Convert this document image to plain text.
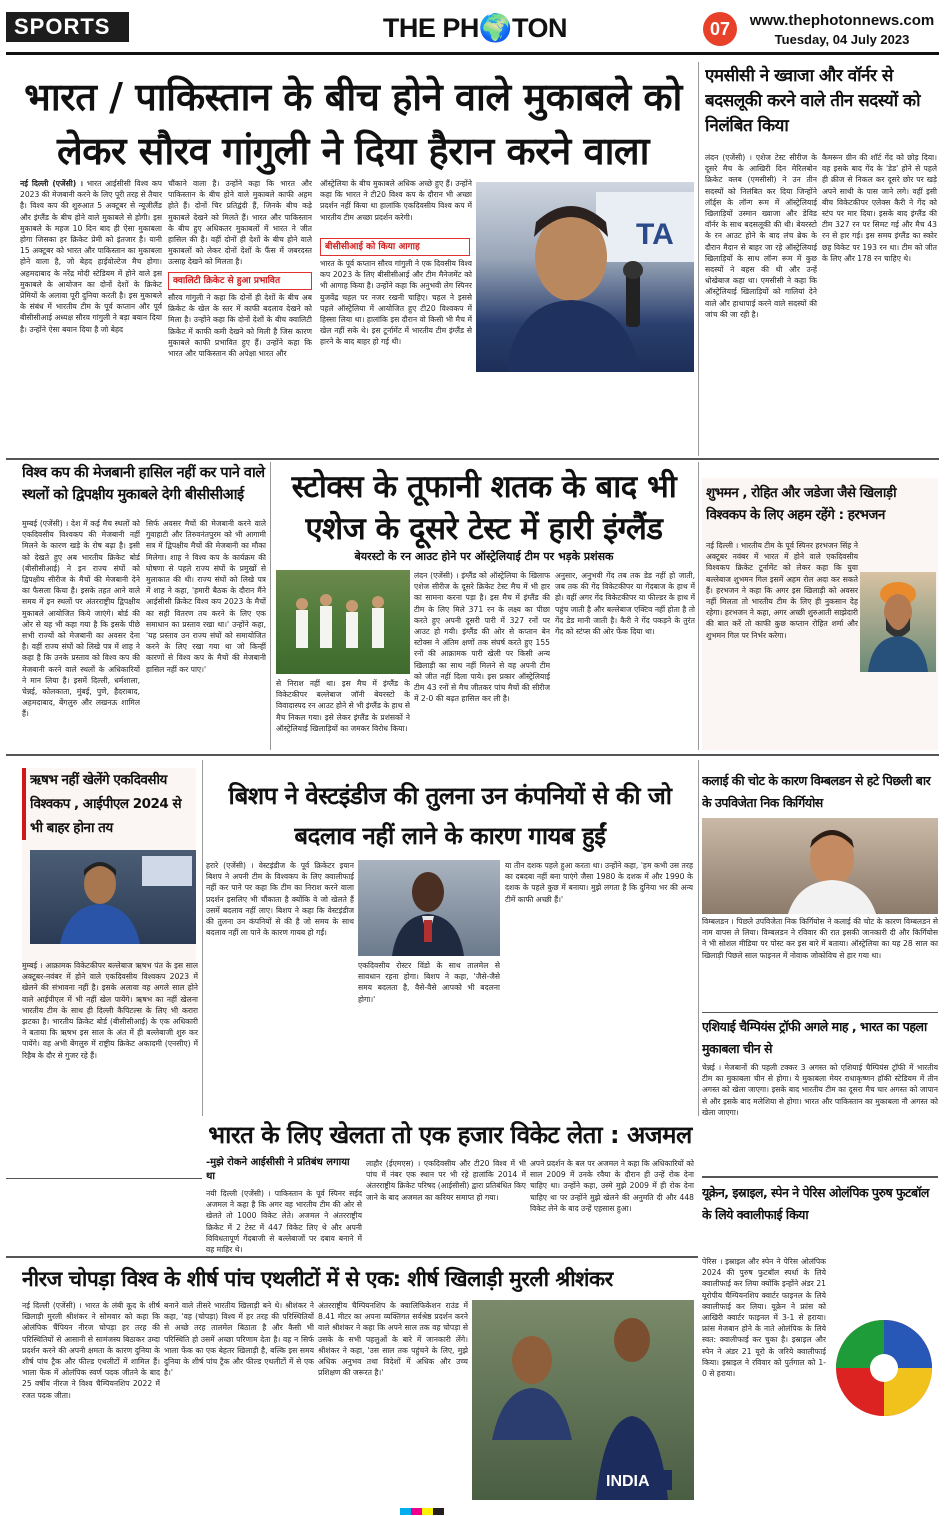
SPORTS	THE PH🌍TON	07	www.thephotonnews.com
Tuesday, 04 July 2023
भारत / पाकिस्तान के बीच होने वाले मुकाबले को लेकर सौरव गांगुली ने दिया हैरान करने वाला
नई दिल्ली (एजेंसी) । भारत आईसीसी विश्व कप 2023 की मेजबानी करने के लिए पूरी तरह से तैयार है। विश्व कप की शुरुआत 5 अक्टूबर से न्यूजीलैंड और इंग्लैंड के बीच होने वाले मुकाबले से होगी। इस मुकाबले के महज 10 दिन बाद ही ऐसा मुकाबला होगा जिसका हर क्रिकेट प्रेमी को इंतजार है। यानी 15 अक्टूबर को भारत और पाकिस्तान का मुकाबला होने वाला है, जो बेहद हाईवोल्टेज मैच होगा। अहमदाबाद के नरेंद्र मोदी स्टेडियम में होने वाले इस मुकाबले के आयोजन का दोनों देशों के क्रिकेट प्रेमियों के अलावा पूरी दुनिया करती है। इस मुकाबले के संबंध में भारतीय टीम के पूर्व कप्तान और पूर्व बीसीसीआई अध्यक्ष सौरव गांगुली ने बड़ा बयान दिया है। उन्होंने ऐसा बयान दिया है जो बेहद
चौंकाने वाला है। उन्होंने कहा कि भारत और पाकिस्तान के बीच होने वाले मुकाबले काफी अहम होते हैं। दोनों चिर प्रतिद्वंदी हैं, जिनके बीच कड़े मुकाबले देखने को मिलते हैं। भारत और पाकिस्तान के बीच हुए अधिकतर मुकाबलों में भारत ने जीत हासिल की है। वहीं दोनों ही देशों के बीच होने वाले मुकाबलों को लेकर दोनों देशों के फैंस में जबरदस्त उत्साह देखने को मिलता है।
क्वालिटी क्रिकेट से हुआ प्रभावित
सौरव गांगुली ने कहा कि दोनों ही देशों के बीच अब क्रिकेट के खेल के स्तर में काफी बदलाव देखने को मिला है। उन्होंने कहा कि दोनों देशों के बीच क्वालिटी क्रिकेट में काफी कमी देखने को मिली है जिस कारण मुकाबले काफी प्रभावित हुए हैं। उन्होंने कहा कि भारत और पाकिस्तान की अपेक्षा भारत और
ऑस्ट्रेलिया के बीच मुकाबले अधिक अच्छे हुए हैं। उन्होंने कहा कि भारत ने टी20 विश्व कप के दौरान भी अच्छा प्रदर्शन नहीं किया था हालांकि एकदिवसीय विश्व कप में भारतीय टीम अच्छा प्रदर्शन करेगी।
बीसीसीआई को किया आगाह
भारत के पूर्व कप्तान सौरव गांगुली ने एक दिवसीय विश्व कप 2023 के लिए बीसीसीआई और टीम मैनेजमेंट को भी आगाह किया है। उन्होंने कहा कि अनुभवी लेग स्पिनर युजवेंद्र चहल पर नजर रखनी चाहिए। चहल ने इससे पहले ऑस्ट्रेलिया में आयोजित हुए टी20 विश्वकप में हिस्सा लिया था। हालांकि इस दौरान वो किसी भी मैच में खेल नहीं सके थे। इस टूर्नामेंट में भारतीय टीम इंग्लैंड से हारने के बाद बाहर हो गई थी।
TA
एमसीसी ने ख्वाजा और वॉर्नर से बदसलूकी करने वाले तीन सदस्यों को निलंबित किया
लंदन (एजेंसी) । एशेज टेस्ट सीरीज के दूसरे मैच के आखिरी दिन मेरिलबोन क्रिकेट क्लब (एमसीसी) ने उन तीन सदस्यों को निलंबित कर दिया जिन्होंने लॉर्ड्स के लॉन्ग रूम में ऑस्ट्रेलियाई खिलाड़ियों उस्मान ख्वाजा और डेविड वॉर्नर के साथ बदसलूकी की थी। बेयरस्टो के रन आउट होने के बाद लंच ब्रेक के दौरान मैदान से बाहर जा रहे ऑस्ट्रेलियाई खिलाड़ियों के साथ लॉन्ग रूम में कुछ सदस्यों ने बहस की थी और उन्हें धोखेबाज कहा था। एमसीसी ने कहा कि ऑस्ट्रेलियाई खिलाड़ियों को गालियां देने वाले और हाथापाई करने वाले सदस्यों की जांच की जा रही है।
कैमरून ग्रीन की शॉर्ट गेंद को छोड़ दिया। वह इसके बाद गेंद के 'डेड' होने से पहले ही क्रीज से निकल कर दूसरे छोर पर खड़े अपने साथी के पास जाने लगे। वहीं इसी बीच विकेटकीपर एलेक्स कैरी ने गेंद को स्टंप पर मार दिया। इसके बाद इंग्लैंड की टीम 327 रन पर सिमट गई और मैच 43 रन से हार गई। इस समय इंग्लैंड का स्कोर छह विकेट पर 193 रन था। टीम को जीत के लिए और 178 रन चाहिए थे।
विश्व कप की मेजबानी हासिल नहीं कर पाने वाले स्थलों को द्विपक्षीय मुकाबले देगी बीसीसीआई
मुम्बई (एजेंसी) । देश में कई मैच स्थलों को एकदिवसीय विश्वकप की मेजबानी नहीं मिलने के कारण खड़े के रोष बढ़ा है। इसी को देखते हुए अब भारतीय क्रिकेट बोर्ड (बीसीसीआई) ने इन राज्य संघों को द्विपक्षीय सीरीज के मैचों की मेजबानी देने का फैसला किया है। इसके तहत आने वाले समय में इन स्थलों पर अंतरराष्ट्रीय द्विपक्षीय मुकाबले आयोजित किये जाएंगे। बोर्ड की ओर से यह भी कहा गया है कि इसके पीछे सभी राज्यों को मेजबानी का अवसर देना है। वहीं राज्य संघों को लिखे पत्र में शाह ने कहा है कि उनके प्रस्ताव को विश्व कप की मेजबानी करने वाले स्थलों के अधिकारियों ने मान लिया है। इसमें दिल्ली, धर्मशाला, चेन्नई, कोलकाता, मुंबई, पुणे, हैदराबाद, अहमदाबाद, बेंगलुरु और लखनऊ शामिल हैं।
सिर्फ अवसर मैचों की मेजबानी करने वाले गुवाहाटी और तिरुवनंतपुरम को भी आगामी सत्र में द्विपक्षीय मैचों की मेजबानी का मौका मिलेगा। शाह ने विश्व कप के कार्यक्रम की घोषणा से पहले राज्य संघों के प्रमुखों से मुलाकात की थी। राज्य संघों को लिखे पत्र में शाह ने कहा, 'हमारी बैठक के दौरान मैंने आईसीसी क्रिकेट विश्व कप 2023 के मैचों का सही वितरण तय करने के लिए एक समाधान का प्रस्ताव रखा था।' उन्होंने कहा, 'यह प्रस्ताव उन राज्य संघों को समायोजित करने के लिए रखा गया था जो किन्हीं कारणों से विश्व कप के मैचों की मेजबानी हासिल नहीं कर पाए।'
स्टोक्स के तूफानी शतक के बाद भी एशेज के दूसरे टेस्ट में हारी इंग्लैंड
बेयरस्टो के रन आउट होने पर ऑस्ट्रेलियाई टीम पर भड़के प्रशंसक
लंदन (एजेंसी) । इंग्लैंड को ऑस्ट्रेलिया के खिलाफ एशेज सीरीज के दूसरे क्रिकेट टेस्ट मैच में भी हार का सामना करना पड़ा है। इस मैच में इंग्लैंड की टीम के लिए मिले 371 रन के लक्ष्य का पीछा करते हुए अपनी दूसरी पारी में 327 रनों पर आउट हो गयी। इंग्लैंड की ओर से कप्तान बेन स्टोक्स ने अंतिम क्षणों तक संघर्ष करते हुए 155 रनों की आक्रामक पारी खेली पर किसी अन्य खिलाड़ी का साथ नहीं मिलने से वह अपनी टीम को जीत नहीं दिला पाये। इस प्रकार ऑस्ट्रेलियाई टीम 43 रनों से मैच जीतकर पांच मैचों की सीरीज में 2-0 की बढ़त हासिल कर ली है।
से निराश नहीं था। इस मैच में इंग्लैंड के विकेटकीपर बल्लेबाज जॉनी बेयरस्टो के विवादास्पद रन आउट होने से भी इंग्लैंड के हाथ से मैच निकल गया। इसे लेकर इंग्लैंड के प्रशंसकों ने ऑस्ट्रेलियाई खिलाड़ियों का जमकर विरोध किया।
अनुसार, अनुभवी गेंद तब तक डेड नहीं हो जाती, जब तक की गेंद विकेटकीपर या गेंदबाज के हाथ में हो। वहीं अगर गेंद विकेटकीपर या फील्डर के हाथ में पहुंच जाती है और बल्लेबाज एक्टिव नहीं होता है तो गेंद डेड मानी जाती है। कैरी ने गेंद पकड़ने के तुरंत गेंद को स्टंप्स की ओर फेंक दिया था।
शुभमन , रोहित और जडेजा जैसे खिलाड़ी विश्वकप के लिए अहम रहेंगे : हरभजन
नई दिल्ली । भारतीय टीम के पूर्व स्पिनर हरभजन सिंह ने अक्टूबर नवंबर में भारत में होने वाले एकदिवसीय विश्वकप क्रिकेट टूर्नामेंट को लेकर कहा कि युवा बल्लेबाज शुभमन गिल इसमें अहम रोल अदा कर सकते हैं। हरभजन ने कहा कि अगर इस खिलाड़ी को अवसर नहीं मिलता तो भारतीय टीम के लिए ही नुकसान देह रहेगा। हरभजन ने कहा, अगर अच्छी शुरुआती साझेदारी की बात करें तो काफी कुछ कप्तान रोहित शर्मा और शुभमन गिल पर निर्भर करेगा।
ऋषभ नहीं खेलेंगे एकदिवसीय विश्वकप , आईपीएल 2024 से भी बाहर होना तय
मुम्बई । आक्रामक विकेटकीपर बल्लेबाज ऋषभ पंत के इस साल अक्टूबर-नवंबर में होने वाले एकदिवसीय विश्वकप 2023 में खेलने की संभावना नहीं है। इसके अलावा वह अगले साल होने वाले आईपीएल में भी नहीं खेल पायेंगे। ऋषभ का नहीं खेलना भारतीय टीम के साथ ही दिल्ली कैपिटल्स के लिए भी करारा झटका है। भारतीय क्रिकेट बोर्ड (बीसीसीआई) के एक अधिकारी ने बताया कि ऋषभ इस साल के अंत में ही बल्लेबाजी शुरु कर पायेंगे। वह अभी बेंगलुरु में राष्ट्रीय क्रिकेट अकादमी (एनसीए) में रिहैब के दौर से गुजर रहे हैं।
बिशप ने वेस्टइंडीज की तुलना उन कंपनियों से की जो बदलाव नहीं लाने के कारण गायब हुईं
हरारे (एजेंसी) । वेस्टइंडीज के पूर्व क्रिकेटर इयान बिशप ने अपनी टीम के विश्वकप के लिए क्वालीफाई नहीं कर पाने पर कहा कि टीम का निराश करने वाला प्रदर्शन इसलिए भी चौंकाता है क्योंकि वे जो खेलते हैं उसमें बदलाव नहीं लाए। बिशप ने कहा कि वेस्टइंडीज की तुलना उन कंपनियों से की है जो समय के साथ बदलाव नहीं ला पाने के कारण गायब हो गईं।
एकदिवसीय रोस्टर विंडो के साथ तालमेल से सावधान रहना होगा। बिशप ने कहा, 'जैसे-जैसे समय बदलता है, वैसे-वैसे आपको भी बदलना होगा।'
या तीन दशक पहले हुआ करता था। उन्होंने कहा, 'हम कभी उस तरह का दबदबा नहीं बना पाएंगे जैसा 1980 के दशक में और 1990 के दशक के पहले कुछ में बनाया। मुझे लगता है कि दुनिया भर की अन्य टीमें काफी अच्छी हैं।'
कलाई की चोट के कारण विम्बलडन से हटे पिछली बार के उपविजेता निक किर्गियोस
विम्बलडन । पिछले उपविजेता निक किर्गियोस ने कलाई की चोट के कारण विम्बलडन से नाम वापस ले लिया। विम्बलडन ने रविवार की रात इसकी जानकारी दी और किर्गियोस ने भी सोशल मीडिया पर पोस्ट कर इस बारे में बताया। ऑस्ट्रेलिया का यह 28 साल का खिलाड़ी पिछले साल फाइनल में नोवाक जोकोविच से हार गया था।
एशियाई चैम्पियंस ट्रॉफी अगले माह , भारत का पहला मुकाबला चीन से
चेन्नई । मेजबानों की पहली टक्कर 3 अगस्त को एशियाई चैम्पियंस ट्रॉफी में भारतीय टीम का मुकाबला चीन से होगा। ये मुकाबला मेयर राधाकृष्णन हॉकी स्टेडियम में तीन अगस्त को खेला जाएगा। इसके बाद भारतीय टीम का दूसरा मैच चार अगस्त को जापान से और इसके बाद मलेशिया से होगा। भारत और पाकिस्तान का मुकाबला नौ अगस्त को खेला जाएगा।
भारत के लिए खेलता तो एक हजार विकेट लेता : अजमल
-मुझे रोकने आईसीसी ने प्रतिबंध लगाया था
नयी दिल्ली (एजेंसी) । पाकिस्तान के पूर्व स्पिनर सईद अजमल ने कहा है कि अगर वह भारतीय टीम की ओर से खेलते तो 1000 विकेट लेते। अजमल ने अंतरराष्ट्रीय क्रिकेट में 2 टेस्ट में 447 विकेट लिए थे और अपनी विविधतापूर्ण गेंदबाजी से बल्लेबाजों पर दबाव बनाने में वह माहिर थे।
लाहौर (ईएमएस) । एकदिवसीय और टी20 विश्व में भी पांच में नंबर एक स्थान पर भी रहे हालांकि 2014 में अंतरराष्ट्रीय क्रिकेट परिषद (आईसीसी) द्वारा प्रतिबंधित किए जाने के बाद अजमल का करियर समाप्त हो गया।
अपने प्रदर्शन के बल पर अजमल ने कहा कि अधिकारियों को साल 2009 में उनके रवैया के दौरान ही उन्हें रोक देना चाहिए था। उन्होंने कहा, उस्मे मुझे 2009 में ही रोक देना चाहिए था पर उन्होंने मुझे खेलने की अनुमति दी और 448 विकेट लेने के बाद उन्हें एहसास हुआ।
नीरज चोपड़ा विश्व के शीर्ष पांच एथलीटों में से एक: शीर्ष खिलाड़ी मुरली श्रीशंकर
नई दिल्ली (एजेंसी) । भारत के लंबी कूद के शीर्ष खिलाड़ी मुरली श्रीशंकर ने सोमवार को कहा कि ओलंपिक चैंपियन नीरज चोपड़ा हर तरह की परिस्थितियों से आसानी से सामंजस्य बिठाकर उम्दा प्रदर्शन करने की अपनी क्षमता के कारण दुनिया के शीर्ष पांच ट्रैक और फील्ड एथलीटों में शामिल हैं। भाला फेंक में ओलंपिक स्वर्ण पदक जीतने के बाद 25 वर्षीय नीरज ने विश्व चैम्पियनशिप 2022 में रजत पदक जीता।
बनाने वाले तीसरे भारतीय खिलाड़ी बने थे। श्रीशंकर ने कहा, 'वह (चोपड़ा) विश्व में हर तरह की परिस्थितियों से अच्छे तरह तालमेल बिठाता है और कैसी भी परिस्थिति हो उसमें अच्छा परिणाम देता है। वह न सिर्फ भाला फेंक का एक बेहतर खिलाड़ी है, बल्कि इस समय दुनिया के शीर्ष पांच ट्रैक और फील्ड एथलीटों में से एक है।'
अंतरराष्ट्रीय चैम्पियनशिप के क्वालिफिकेशन राउंड में 8.41 मीटर का अपना व्यक्तिगत सर्वश्रेष्ठ प्रदर्शन करने वाले श्रीशंकर ने कहा कि अपने साल तक वह चोपड़ा से उसके के सभी पहलुओं के बारे में जानकारी लेंगे। श्रीशंकर ने कहा, 'उस साल तक पहुंचने के लिए, मुझे अधिक अनुभव तथा विदेशों में अधिक और उच्च प्रशिक्षण की जरूरत है।'
INDIA
यूक्रेन, इस्राइल, स्पेन ने पेरिस ओलंपिक पुरुष फुटबॉल के लिये क्वालीफाई किया
पेरिस । इस्राइल और स्पेन ने पेरिस ओलंपिक 2024 की पुरुष फुटबॉल स्पर्धा के लिये क्वालीफाई कर लिया क्योंकि इन्होंने अंडर 21 यूरोपीय चैम्पियनशिप क्वार्टर फाइनल के लिये क्वालीफाई कर लिया। यूक्रेन ने फ्रांस को आखिरी क्वार्टर फाइनल में 3-1 से हराया। फ्रांस मेजबान होने के नाते ओलंपिक के लिये स्वत: क्वालीफाई कर चुका है। इस्राइल और स्पेन ने अंडर 21 यूरो के जरिये क्वालीफाई किया। इस्राइल ने रविवार को पुर्तगाल को 1-0 से हराया।
